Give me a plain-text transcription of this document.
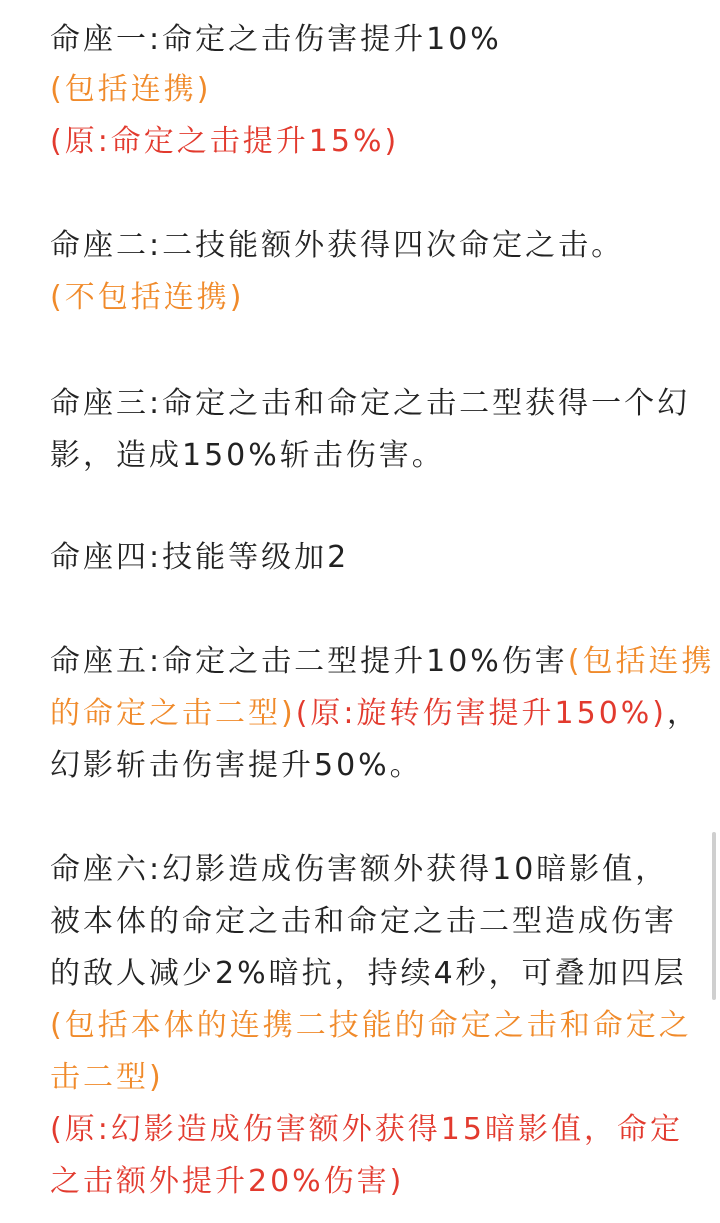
命座一:命定之击伤害提升10%
(包括连携)
(原:命定之击提升15%)
命座二:二技能额外获得四次命定之击。
(不包括连携)
命座三:命定之击和命定之击二型获得一个幻
影，造成150%斩击伤害。
命座四:技能等级加2
命座五:命定之击二型提升10%伤害(包括连携
的命定之击二型)(原:旋转伤害提升150%)，
幻影斩击伤害提升50%。
命座六:幻影造成伤害额外获得10暗影值，
被本体的命定之击和命定之击二型造成伤害
的敌人减少2%暗抗，持续4秒，可叠加四层
(包括本体的连携二技能的命定之击和命定之
击二型)
(原:幻影造成伤害额外获得15暗影值，命定
之击额外提升20%伤害)
